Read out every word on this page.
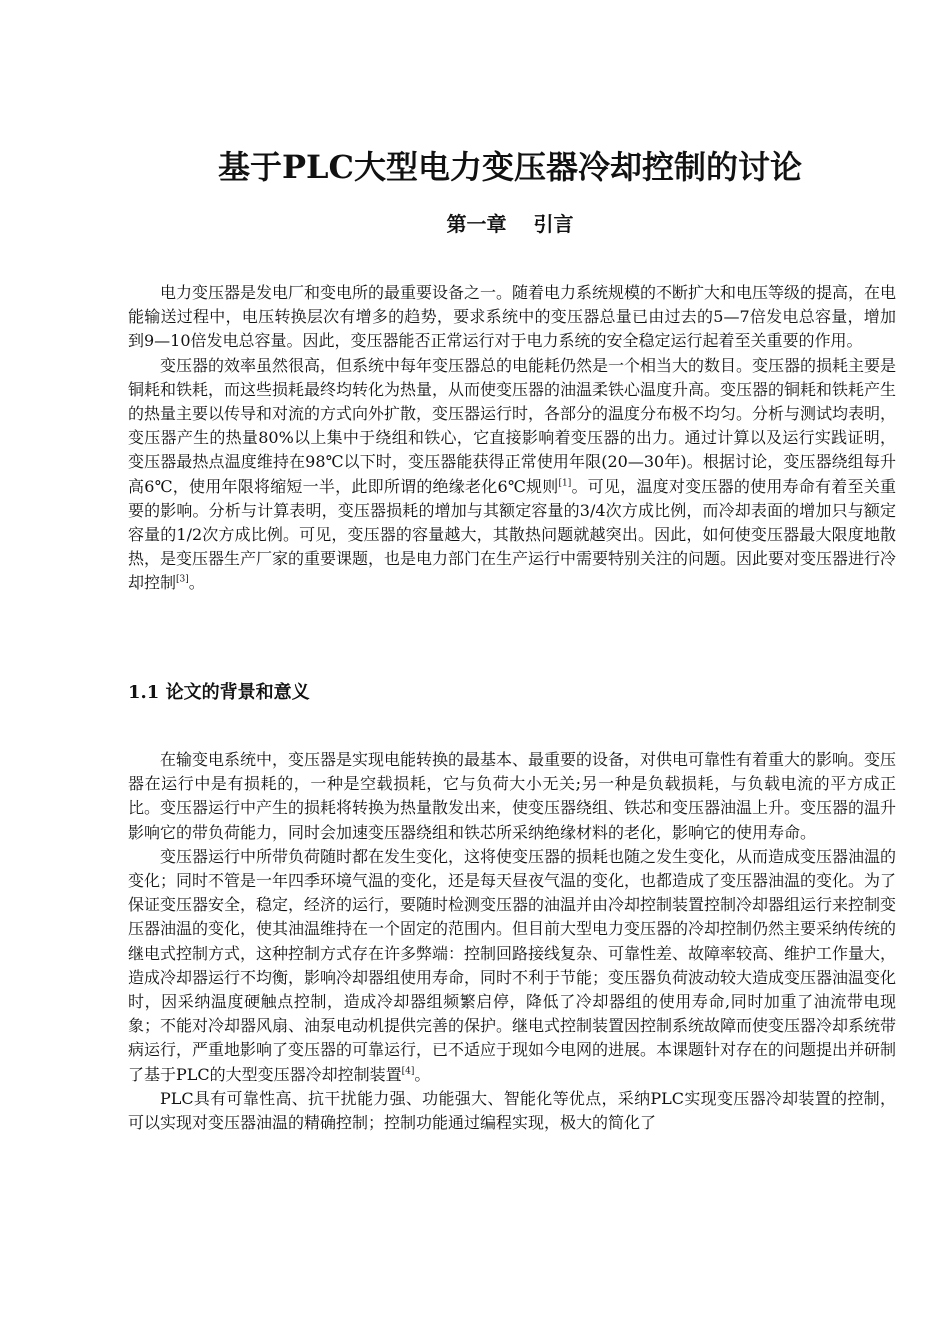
基于PLC大型电力变压器冷却控制的讨论
第一章　 引言

电力变压器是发电厂和变电所的最重要设备之一。随着电力系统规模的不断扩大和电压等级的提高，在电能输送过程中，电压转换层次有增多的趋势，要求系统中的变压器总量已由过去的5—7倍发电总容量，增加到9—10倍发电总容量。因此，变压器能否正常运行对于电力系统的安全稳定运行起着至关重要的作用。

变压器的效率虽然很高，但系统中每年变压器总的电能耗仍然是一个相当大的数目。变压器的损耗主要是铜耗和铁耗，而这些损耗最终均转化为热量，从而使变压器的油温柔铁心温度升高。变压器的铜耗和铁耗产生的热量主要以传导和对流的方式向外扩散，变压器运行时，各部分的温度分布极不均匀。分析与测试均表明，变压器产生的热量80%以上集中于绕组和铁心，它直接影响着变压器的出力。通过计算以及运行实践证明，变压器最热点温度维持在98℃以下时，变压器能获得正常使用年限(20—30年)。根据讨论，变压器绕组每升高6℃，使用年限将缩短一半，此即所谓的绝缘老化6℃规则[1]。可见，温度对变压器的使用寿命有着至关重要的影响。分析与计算表明，变压器损耗的增加与其额定容量的3/4次方成比例，而冷却表面的增加只与额定容量的1/2次方成比例。可见，变压器的容量越大，其散热问题就越突出。因此，如何使变压器最大限度地散热，是变压器生产厂家的重要课题，也是电力部门在生产运行中需要特别关注的问题。因此要对变压器进行冷却控制[3]。

1.1 论文的背景和意义

在输变电系统中，变压器是实现电能转换的最基本、最重要的设备，对供电可靠性有着重大的影响。变压器在运行中是有损耗的，一种是空载损耗，它与负荷大小无关;另一种是负载损耗，与负载电流的平方成正比。变压器运行中产生的损耗将转换为热量散发出来，使变压器绕组、铁芯和变压器油温上升。变压器的温升影响它的带负荷能力，同时会加速变压器绕组和铁芯所采纳绝缘材料的老化，影响它的使用寿命。

变压器运行中所带负荷随时都在发生变化，这将使变压器的损耗也随之发生变化，从而造成变压器油温的变化；同时不管是一年四季环境气温的变化，还是每天昼夜气温的变化，也都造成了变压器油温的变化。为了保证变压器安全，稳定，经济的运行，要随时检测变压器的油温并由冷却控制装置控制冷却器组运行来控制变压器油温的变化，使其油温维持在一个固定的范围内。但目前大型电力变压器的冷却控制仍然主要采纳传统的继电式控制方式，这种控制方式存在许多弊端：控制回路接线复杂、可靠性差、故障率较高、维护工作量大，造成冷却器运行不均衡，影响冷却器组使用寿命，同时不利于节能；变压器负荷波动较大造成变压器油温变化时，因采纳温度硬触点控制，造成冷却器组频繁启停，降低了冷却器组的使用寿命,同时加重了油流带电现象；不能对冷却器风扇、油泵电动机提供完善的保护。继电式控制装置因控制系统故障而使变压器冷却系统带病运行，严重地影响了变压器的可靠运行，已不适应于现如今电网的进展。本课题针对存在的问题提出并研制了基于PLC的大型变压器冷却控制装置[4]。

PLC具有可靠性高、抗干扰能力强、功能强大、智能化等优点，采纳PLC实现变压器冷却装置的控制，可以实现对变压器油温的精确控制；控制功能通过编程实现，极大的简化了
